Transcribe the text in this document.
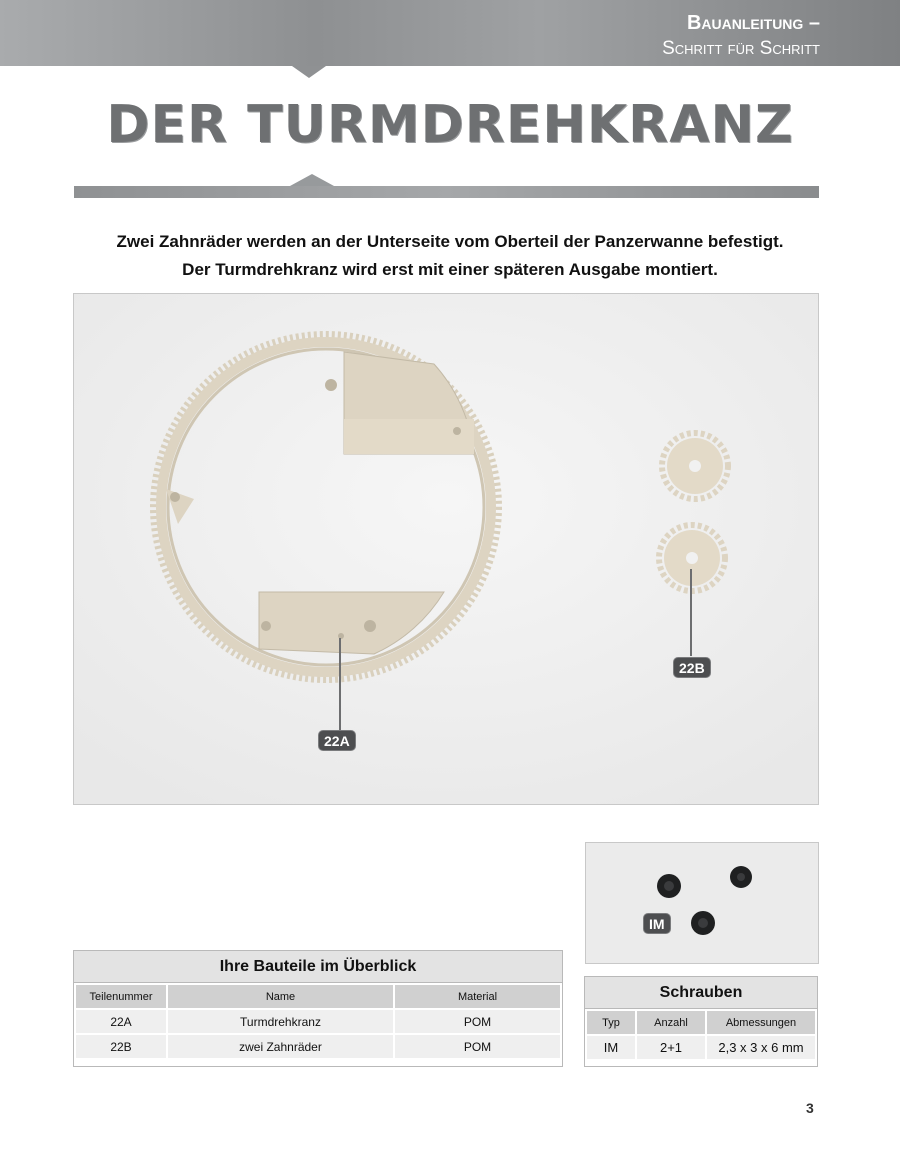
Bauanleitung –
Schritt für Schritt
DER TURMDREHKRANZ
Zwei Zahnräder werden an der Unterseite vom Oberteil der Panzerwanne befestigt.
Der Turmdrehkranz wird erst mit einer späteren Ausgabe montiert.
22A
22B
IM
Ihre Bauteile im Überblick
Teilenummer	Name	Material
22A	Turmdrehkranz	POM
22B	zwei Zahnräder	POM
Schrauben
Typ	Anzahl	Abmessungen
IM	2+1	2,3 x 3 x 6 mm
3
